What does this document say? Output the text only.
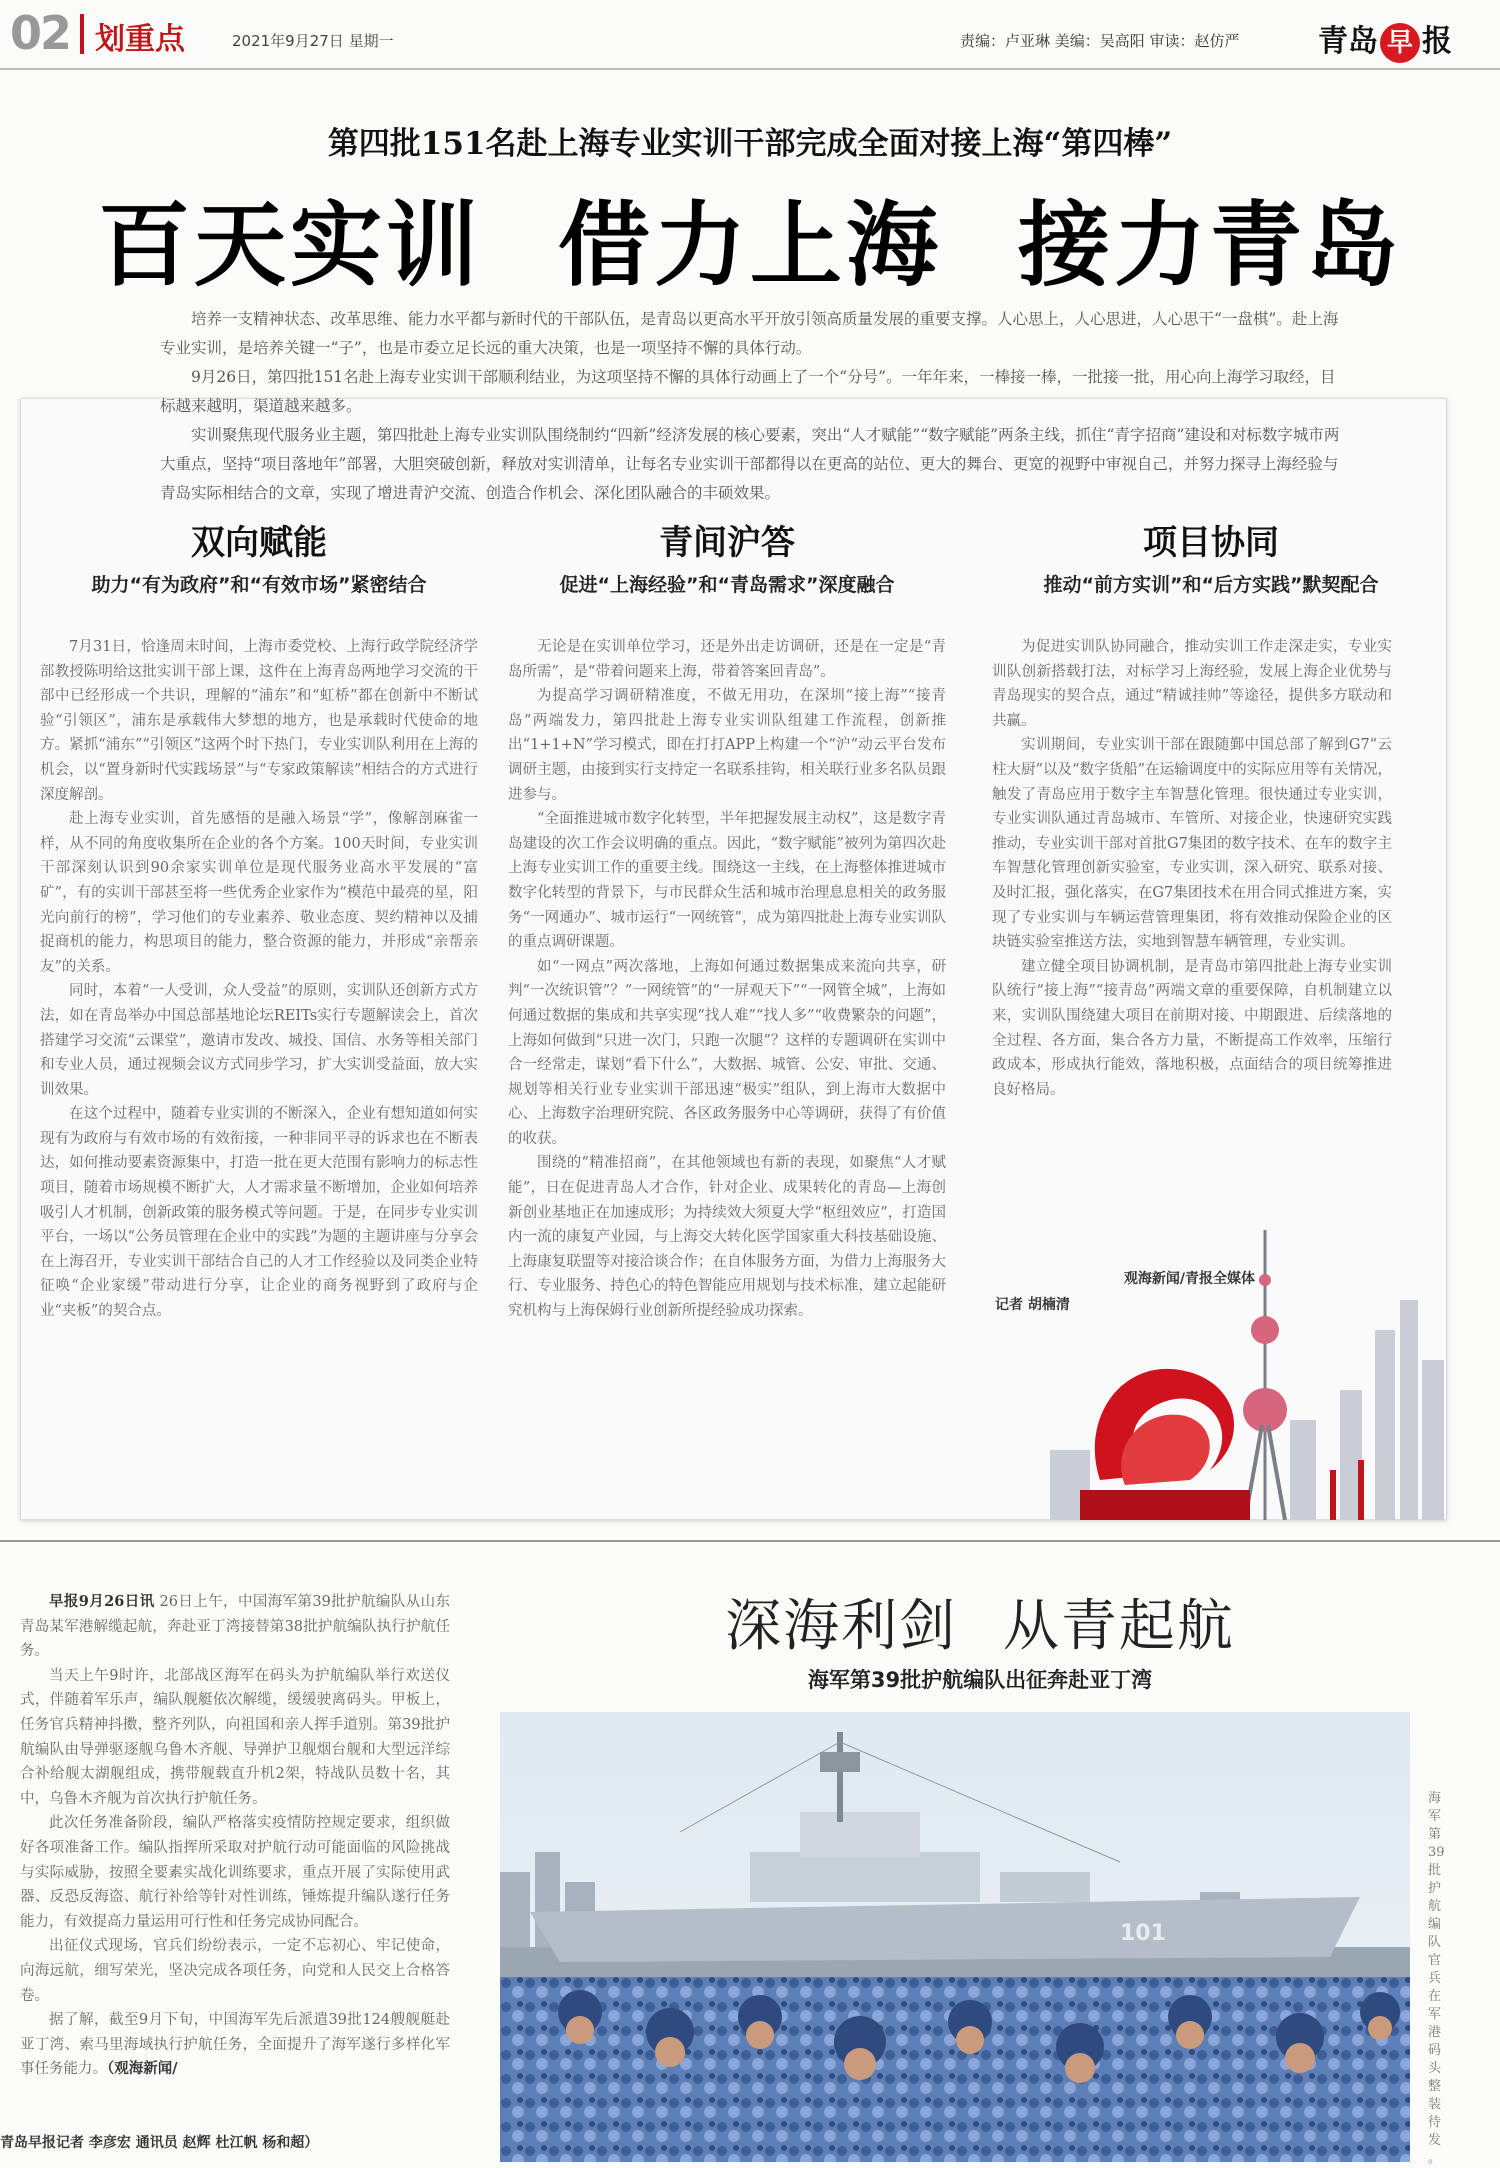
02 划重点	2021年9月27日 星期一	责编：卢亚琳 美编：吴高阳 审读：赵仿严	青岛 早 报
第四批151名赴上海专业实训干部完成全面对接上海“第四棒”
百天实训 借力上海 接力青岛

培养一支精神状态、改革思维、能力水平都与新时代的干部队伍，是青岛以更高水平开放引领高质量发展的重要支撑。人心思上，人心思进，人心思干“一盘棋”。赴上海专业实训，是培养关键一“子”，也是市委立足长远的重大决策，也是一项坚持不懈的具体行动。

9月26日，第四批151名赴上海专业实训干部顺利结业，为这项坚持不懈的具体行动画上了一个“分号”。一年年来，一棒接一棒，一批接一批，用心向上海学习取经，目标越来越明，渠道越来越多。

实训聚焦现代服务业主题，第四批赴上海专业实训队围绕制约“四新”经济发展的核心要素，突出“人才赋能”“数字赋能”两条主线，抓住“青字招商”建设和对标数字城市两大重点，坚持“项目落地年”部署，大胆突破创新，释放对实训清单，让每名专业实训干部都得以在更高的站位、更大的舞台、更宽的视野中审视自己，并努力探寻上海经验与青岛实际相结合的文章，实现了增进青沪交流、创造合作机会、深化团队融合的丰硕效果。

双向赋能
助力“有为政府”和“有效市场”紧密结合

7月31日，恰逢周末时间，上海市委党校、上海行政学院经济学部教授陈明给这批实训干部上课，这件在上海青岛两地学习交流的干部中已经形成一个共识，理解的“浦东”和“虹桥”都在创新中不断试验“引领区”，浦东是承载伟大梦想的地方，也是承载时代使命的地方。紧抓“浦东”“引领区”这两个时下热门，专业实训队利用在上海的机会，以“置身新时代实践场景”与“专家政策解读”相结合的方式进行深度解剖。

赴上海专业实训，首先感悟的是融入场景“学”，像解剖麻雀一样，从不同的角度收集所在企业的各个方案。100天时间，专业实训干部深刻认识到90余家实训单位是现代服务业高水平发展的“富矿”，有的实训干部甚至将一些优秀企业家作为“模范中最亮的星，阳光向前行的榜”，学习他们的专业素养、敬业态度、契约精神以及捕捉商机的能力，构思项目的能力，整合资源的能力，并形成“亲帮亲友”的关系。

同时，本着“一人受训，众人受益”的原则，实训队还创新方式方法，如在青岛举办中国总部基地论坛REITs实行专题解读会上，首次搭建学习交流“云课堂”，邀请市发改、城投、国信、水务等相关部门和专业人员，通过视频会议方式同步学习，扩大实训受益面，放大实训效果。

在这个过程中，随着专业实训的不断深入，企业有想知道如何实现有为政府与有效市场的有效衔接，一种非同平寻的诉求也在不断表达，如何推动要素资源集中，打造一批在更大范围有影响力的标志性项目，随着市场规模不断扩大，人才需求量不断增加，企业如何培养吸引人才机制，创新政策的服务模式等问题。于是，在同步专业实训平台，一场以“公务员管理在企业中的实践”为题的主题讲座与分享会在上海召开，专业实训干部结合自己的人才工作经验以及同类企业特征唤“企业家缓”带动进行分享，让企业的商务视野到了政府与企业“夹板”的契合点。

青间沪答
促进“上海经验”和“青岛需求”深度融合

无论是在实训单位学习，还是外出走访调研，还是在一定是“青岛所需”，是“带着问题来上海，带着答案回青岛”。

为提高学习调研精准度，不做无用功，在深圳“接上海”“接青岛”两端发力，第四批赴上海专业实训队组建工作流程，创新推出“1+1+N”学习模式，即在打打APP上构建一个“沪”动云平台发布调研主题，由接到实行支持定一名联系挂钩，相关联行业多名队员跟进参与。

“全面推进城市数字化转型，半年把握发展主动权”，这是数字青岛建设的次工作会议明确的重点。因此，“数字赋能”被列为第四次赴上海专业实训工作的重要主线。围绕这一主线，在上海整体推进城市数字化转型的背景下，与市民群众生活和城市治理息息相关的政务服务“一网通办”、城市运行“一网统管”，成为第四批赴上海专业实训队的重点调研课题。

如“一网点”两次落地，上海如何通过数据集成来流向共享，研判“一次统识管”？“一网统管”的“一屏观天下”“一网管全城”，上海如何通过数据的集成和共享实现“找人难”“找人多”“收费繁杂的问题”，上海如何做到“只进一次门，只跑一次腿”？这样的专题调研在实训中合一经常走，谋划“看下什么”，大数据、城管、公安、审批、交通、规划等相关行业专业实训干部迅速“极实”组队，到上海市大数据中心、上海数字治理研究院、各区政务服务中心等调研，获得了有价值的收获。

围绕的“精准招商”，在其他领域也有新的表现，如聚焦“人才赋能”，日在促进青岛人才合作，针对企业、成果转化的青岛—上海创新创业基地正在加速成形；为持续效大须夏大学“枢纽效应”，打造国内一流的康复产业园，与上海交大转化医学国家重大科技基础设施、上海康复联盟等对接洽谈合作；在自体服务方面，为借力上海服务大行、专业服务、持色心的特色智能应用规划与技术标准，建立起能研究机构与上海保姆行业创新所提经验成功探索。

项目协同
推动“前方实训”和“后方实践”默契配合

为促进实训队协同融合，推动实训工作走深走实，专业实训队创新搭载打法，对标学习上海经验，发展上海企业优势与青岛现实的契合点，通过“精诚挂帅”等途径，提供多方联动和共赢。

实训期间，专业实训干部在跟随鄞中国总部了解到G7“云柱大厨”以及“数字货船”在运输调度中的实际应用等有关情况，触发了青岛应用于数字主车智慧化管理。很快通过专业实训，专业实训队通过青岛城市、车管所、对接企业，快速研究实践推动，专业实训干部对首批G7集团的数字技术、在车的数字主车智慧化管理创新实验室，专业实训，深入研究、联系对接、及时汇报，强化落实，在G7集团技术在用合同式推进方案，实现了专业实训与车辆运营管理集团，将有效推动保险企业的区块链实验室推送方法，实地到智慧车辆管理，专业实训。

建立健全项目协调机制，是青岛市第四批赴上海专业实训队统行“接上海”“接青岛”两端文章的重要保障，自机制建立以来，实训队围绕建大项目在前期对接、中期跟进、后续落地的全过程、各方面，集合各方力量，不断提高工作效率，压缩行政成本，形成执行能效，落地积极，点面结合的项目统筹推进良好格局。

观海新闻/青报全媒体
记者 胡楠清

早报9月26日讯 26日上午，中国海军第39批护航编队从山东青岛某军港解缆起航，奔赴亚丁湾接替第38批护航编队执行护航任务。

当天上午9时许，北部战区海军在码头为护航编队举行欢送仪式，伴随着军乐声，编队舰艇依次解缆，缓缓驶离码头。甲板上，任务官兵精神抖擞，整齐列队，向祖国和亲人挥手道别。第39批护航编队由导弹驱逐舰乌鲁木齐舰、导弹护卫舰烟台舰和大型远洋综合补给舰太湖舰组成，携带舰载直升机2架，特战队员数十名，其中，乌鲁木齐舰为首次执行护航任务。

此次任务准备阶段，编队严格落实疫情防控规定要求，组织做好各项准备工作。编队指挥所采取对护航行动可能面临的风险挑战与实际威胁，按照全要素实战化训练要求，重点开展了实际使用武器、反恐反海盗、航行补给等针对性训练，锤炼提升编队遂行任务能力，有效提高力量运用可行性和任务完成协同配合。

出征仪式现场，官兵们纷纷表示，一定不忘初心、牢记使命，向海远航，细写荣光，坚决完成各项任务，向党和人民交上合格答卷。

据了解，截至9月下旬，中国海军先后派遣39批124艘舰艇赴亚丁湾、索马里海域执行护航任务，全面提升了海军遂行多样化军事任务能力。（观海新闻/

青岛早报记者 李彦宏 通讯员 赵辉 杜江帆 杨和超）
深海利剑 从青起航
海军第39批护航编队出征奔赴亚丁湾
101
海军第39批护航编队官兵在军港码头整装待发。
